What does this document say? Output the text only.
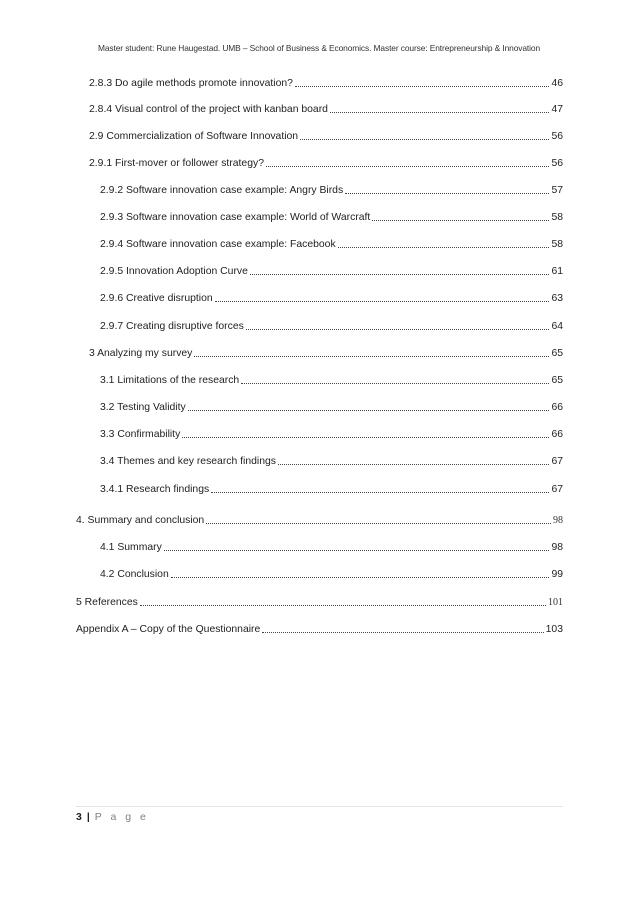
Master student: Rune Haugestad. UMB – School of Business & Economics. Master course: Entrepreneurship & Innovation
2.8.3 Do agile methods promote innovation?	46
2.8.4 Visual control of the project with kanban board	47
2.9 Commercialization of Software Innovation	56
2.9.1 First-mover or follower strategy?	56
2.9.2 Software innovation case example: Angry Birds	57
2.9.3 Software innovation case example: World of Warcraft	58
2.9.4 Software innovation case example: Facebook	58
2.9.5 Innovation Adoption Curve	61
2.9.6 Creative disruption	63
2.9.7 Creating disruptive forces	64
3 Analyzing my survey	65
3.1 Limitations of the research	65
3.2 Testing Validity	66
3.3 Confirmability	66
3.4 Themes and key research findings	67
3.4.1 Research findings	67
4. Summary and conclusion	98
4.1 Summary	98
4.2 Conclusion	99
5 References	101
Appendix A – Copy of the Questionnaire	103
3 | P a g e
